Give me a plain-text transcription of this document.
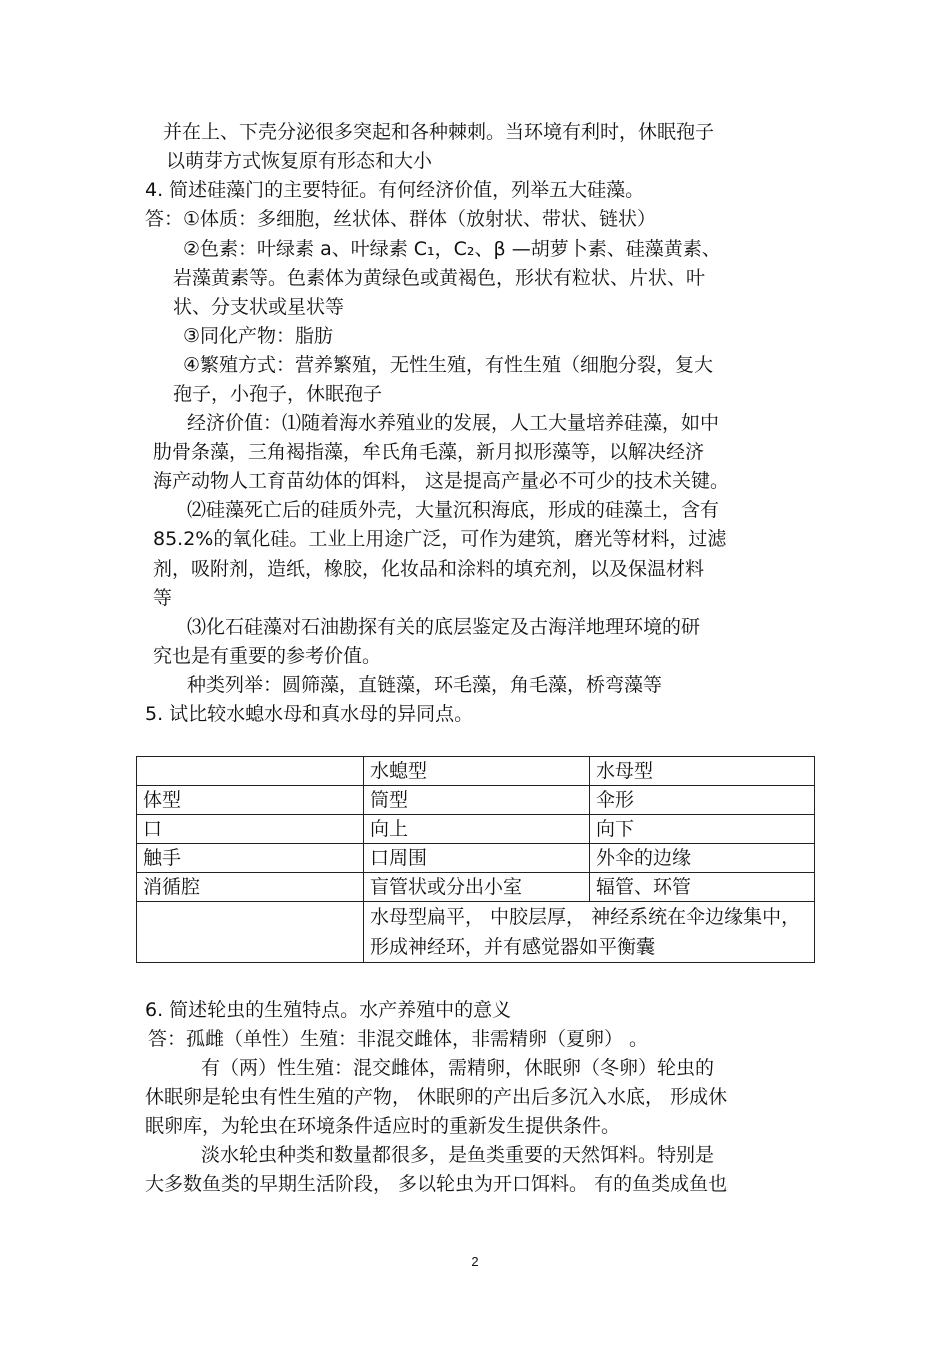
并在上、下壳分泌很多突起和各种棘刺。当环境有利时，休眠孢子
以萌芽方式恢复原有形态和大小
4. 简述硅藻门的主要特征。有何经济价值，列举五大硅藻。
答：①体质：多细胞，丝状体、群体（放射状、带状、链状）
②色素：叶绿素 a、叶绿素 C₁，C₂、β —胡萝卜素、硅藻黄素、
岩藻黄素等。色素体为黄绿色或黄褐色，形状有粒状、片状、叶
状、分支状或星状等
③同化产物：脂肪
④繁殖方式：营养繁殖，无性生殖，有性生殖（细胞分裂，复大
孢子，小孢子，休眠孢子
经济价值：⑴随着海水养殖业的发展，人工大量培养硅藻，如中
肋骨条藻，三角褐指藻，牟氏角毛藻，新月拟形藻等，以解决经济
海产动物人工育苗幼体的饵料， 这是提高产量必不可少的技术关键。
⑵硅藻死亡后的硅质外壳，大量沉积海底，形成的硅藻土，含有
85.2%的氧化硅。工业上用途广泛，可作为建筑，磨光等材料，过滤
剂，吸附剂，造纸，橡胶，化妆品和涂料的填充剂，以及保温材料
等
⑶化石硅藻对石油勘探有关的底层鉴定及古海洋地理环境的研
究也是有重要的参考价值。
种类列举：圆筛藻，直链藻，环毛藻，角毛藻，桥弯藻等
5. 试比较水螅水母和真水母的异同点。
	水螅型	水母型
体型	筒型	伞形
口	向上	向下
触手	口周围	外伞的边缘
消循腔	盲管状或分出小室	辐管、环管
	水母型扁平， 中胶层厚， 神经系统在伞边缘集中，形成神经环，并有感觉器如平衡囊	
6. 简述轮虫的生殖特点。水产养殖中的意义
答：孤雌（单性）生殖：非混交雌体，非需精卵（夏卵） 。
有（两）性生殖：混交雌体，需精卵，休眠卵（冬卵）轮虫的
休眠卵是轮虫有性生殖的产物， 休眠卵的产出后多沉入水底， 形成休
眠卵库，为轮虫在环境条件适应时的重新发生提供条件。
淡水轮虫种类和数量都很多，是鱼类重要的天然饵料。特别是
大多数鱼类的早期生活阶段， 多以轮虫为开口饵料。 有的鱼类成鱼也
2
